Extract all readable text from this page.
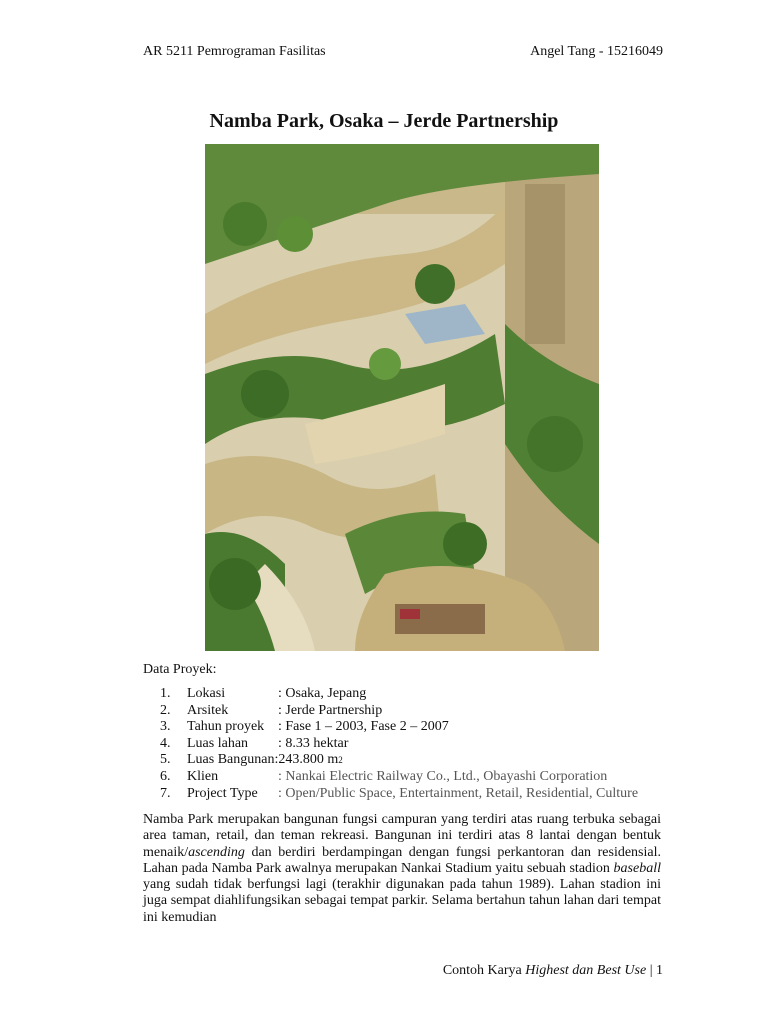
AR 5211 Pemrograman Fasilitas	Angel Tang - 15216049
Namba Park, Osaka – Jerde Partnership
Data Proyek:
1.	Lokasi	: Osaka, Jepang
2.	Arsitek	: Jerde Partnership
3.	Tahun proyek : Fase 1 – 2003, Fase 2 – 2007
4.	Luas lahan	: 8.33 hektar
5.	Luas Bangunan: 243.800 m 2
6.	Klien	: Nankai Electric Railway Co., Ltd., Obayashi Corporation
7.	Project Type	: Open/Public Space, Entertainment, Retail, Residential, Culture
Namba Park merupakan bangunan fungsi campuran yang terdiri atas ruang terbuka sebagai area taman, retail, dan teman rekreasi. Bangunan ini terdiri atas 8 lantai dengan bentuk menaik/ascending dan berdiri berdampingan dengan fungsi perkantoran dan residensial. Lahan pada Namba Park awalnya merupakan Nankai Stadium yaitu sebuah stadion baseball yang sudah tidak berfungsi lagi (terakhir digunakan pada tahun 1989). Lahan stadion ini juga sempat diahlifungsikan sebagai tempat parkir. Selama bertahun tahun lahan dari tempat ini kemudian
Contoh Karya Highest dan Best Use | 1
